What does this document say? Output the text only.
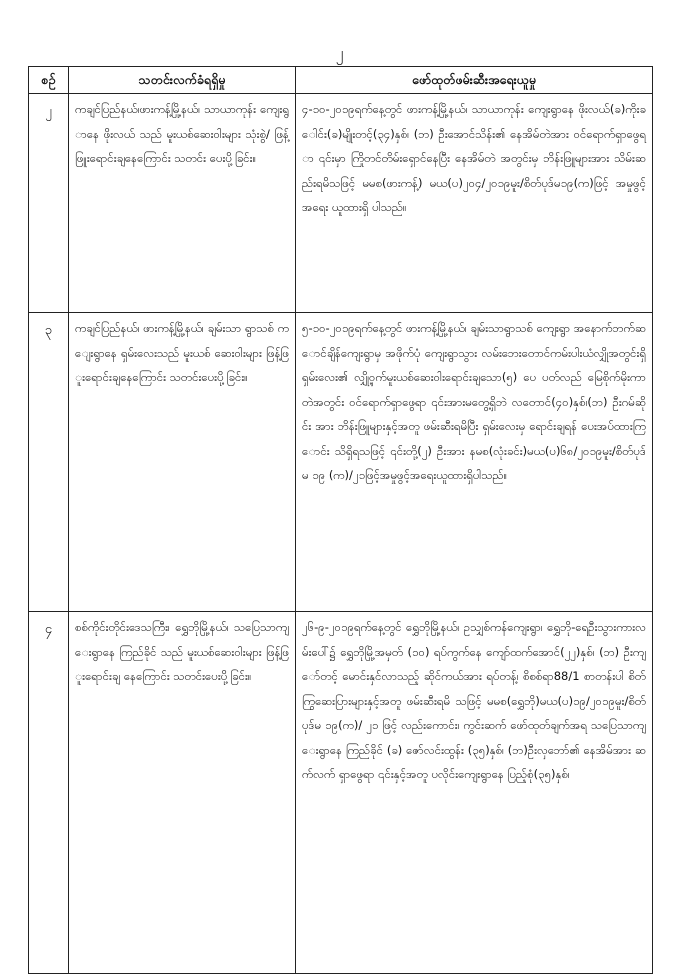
၂
စဉ်	သတင်းလက်ခံရရှိမှု	ဖော်ထုတ်ဖမ်းဆီးအရေးယူမှု
၂	ကချင်ပြည်နယ်၊ဖားကန့်မြို့နယ်၊ သာယာကုန်း ကျေးရွာနေ ဖိုးလယ် သည် မူးယစ်ဆေးဝါးများ သုံးစွဲ/ ဖြန့်ဖြူးရောင်းချနေကြောင်း သတင်း ပေးပို့ခြင်း။	၄-၁၀-၂၀၁၉ရက်နေ့တွင် ဖားကန့်မြို့နယ်၊ သာယာကုန်း ကျေးရွာနေ ဖိုးလယ်(ခ)ကိုးခေါင်း(ခ)မျိုးတင့်(၃၄)နှစ်၊ (ဘ) ဦးအောင်သိန်း၏ နေအိမ်တဲအား ဝင်ရောက်ရှာဖွေရာ ၎င်းမှာ ကြိုတင်တိမ်းရှောင်နေပြီး နေအိမ်တဲ အတွင်းမှ ဘိန်းဖြူများအား သိမ်းဆည်းရမိသဖြင့် မမစ(ဖားကန့်) မယ(ပ)၂၀၄/၂၀၁၉မူး/စိတ်ပုဒ်မ၁၉(က)ဖြင့် အမှုဖွင့် အရေး ယူထားရှိ ပါသည်။
၃	ကချင်ပြည်နယ်၊ ဖားကန့်မြို့နယ်၊ ချမ်းသာ ရွာသစ် ကျေးရွာနေ ရှမ်းလေးသည် မူးယစ် ဆေးဝါးများ ဖြန့်ဖြူးရောင်းချနေကြောင်း သတင်းပေးပို့ခြင်း။	၅-၁၀-၂၀၁၉ရက်နေ့တွင် ဖားကန့်မြို့နယ်၊ ချမ်းသာရွာသစ် ကျေးရွာ အနောက်ဘက်ဆောင်ချိန်ကျေးရွာမှ အဖိုက်ပုံ ကျေးရွာသွား လမ်းဘေးတောင်ကမ်းပါးယံလျှိုအတွင်းရှိ ရှမ်းလေး၏ လျှို့ဝှက်မူးယစ်ဆေးဝါးရောင်းချသော(၅) ပေ ပတ်လည် မြေစိုက်မိုးကာတဲအတွင်း ဝင်ရောက်ရှာဖွေရာ ၎င်းအားမတွေ့ရှိဘဲ လတောင်(၄၀)နှစ်၊(ဘ) ဦးဂမ်ဆိုင်း အား ဘိန်းဖြူများနှင့်အတူ ဖမ်းဆီးရမိပြီး ရှမ်းလေးမှ ရောင်းချရန် ပေးအပ်ထားကြောင်း သိရှိရသဖြင့် ၎င်းတို့(၂) ဦးအား နမစ(လုံးခင်း)မယ(ပ)၆၈/၂၀၁၉မူး/စိတ်ပုဒ်မ ၁၉ (က)/၂၁ဖြင့်အမှုဖွင့်အရေးယူထားရှိပါသည်။
၄	စစ်ကိုင်းတိုင်းဒေသကြီး၊ ရွှေဘိုမြို့နယ်၊ သပြေသာကျေးရွာနေ ကြည်ခိုင် သည် မူးယစ်ဆေးဝါးများ ဖြန့်ဖြူးရောင်းချ နေကြောင်း သတင်းပေးပို့ခြင်း။	၂၆-၉-၂၀၁၉ရက်နေ့တွင် ရွှေဘိုမြို့နယ်၊ ဥသျှစ်ကန်ကျေးရွာ၊ ရွှေဘို-ရေဦးသွားကားလမ်းပေါ်၌ ရွှေဘိုမြို့အမှတ် (၁၀) ရပ်ကွက်နေ ကျော်ထက်အောင်(၂၂)နှစ်၊ (ဘ) ဦးကျော်တင့် မောင်းနှင်လာသည့် ဆိုင်ကယ်အား ရပ်တန့်၊ စိစစ်ရာ88/1 စာတန်းပါ စိတ်ကြွဆေးပြားများနှင့်အတူ ဖမ်းဆီးရမိ သဖြင့် မမစ(ရွှေဘို)မယ(ပ)၁၉/၂၀၁၉မူး/စိတ် ပုဒ်မ ၁၉(က)/ ၂၁ ဖြင့် လည်းကောင်း၊ ကွင်းဆက် ဖော်ထုတ်ချက်အရ သပြေသာကျေးရွာနေ ကြည်ခိုင် (ခ) ဇော်လင်းထွန်း (၃၅)နှစ်၊ (ဘ)ဦးလှဘော်၏ နေအိမ်အား ဆက်လက် ရှာဖွေရာ ၎င်းနှင့်အတူ ပလိုင်းကျေးရွာနေ ပြည့်စုံ(၃၅)နှစ်၊
